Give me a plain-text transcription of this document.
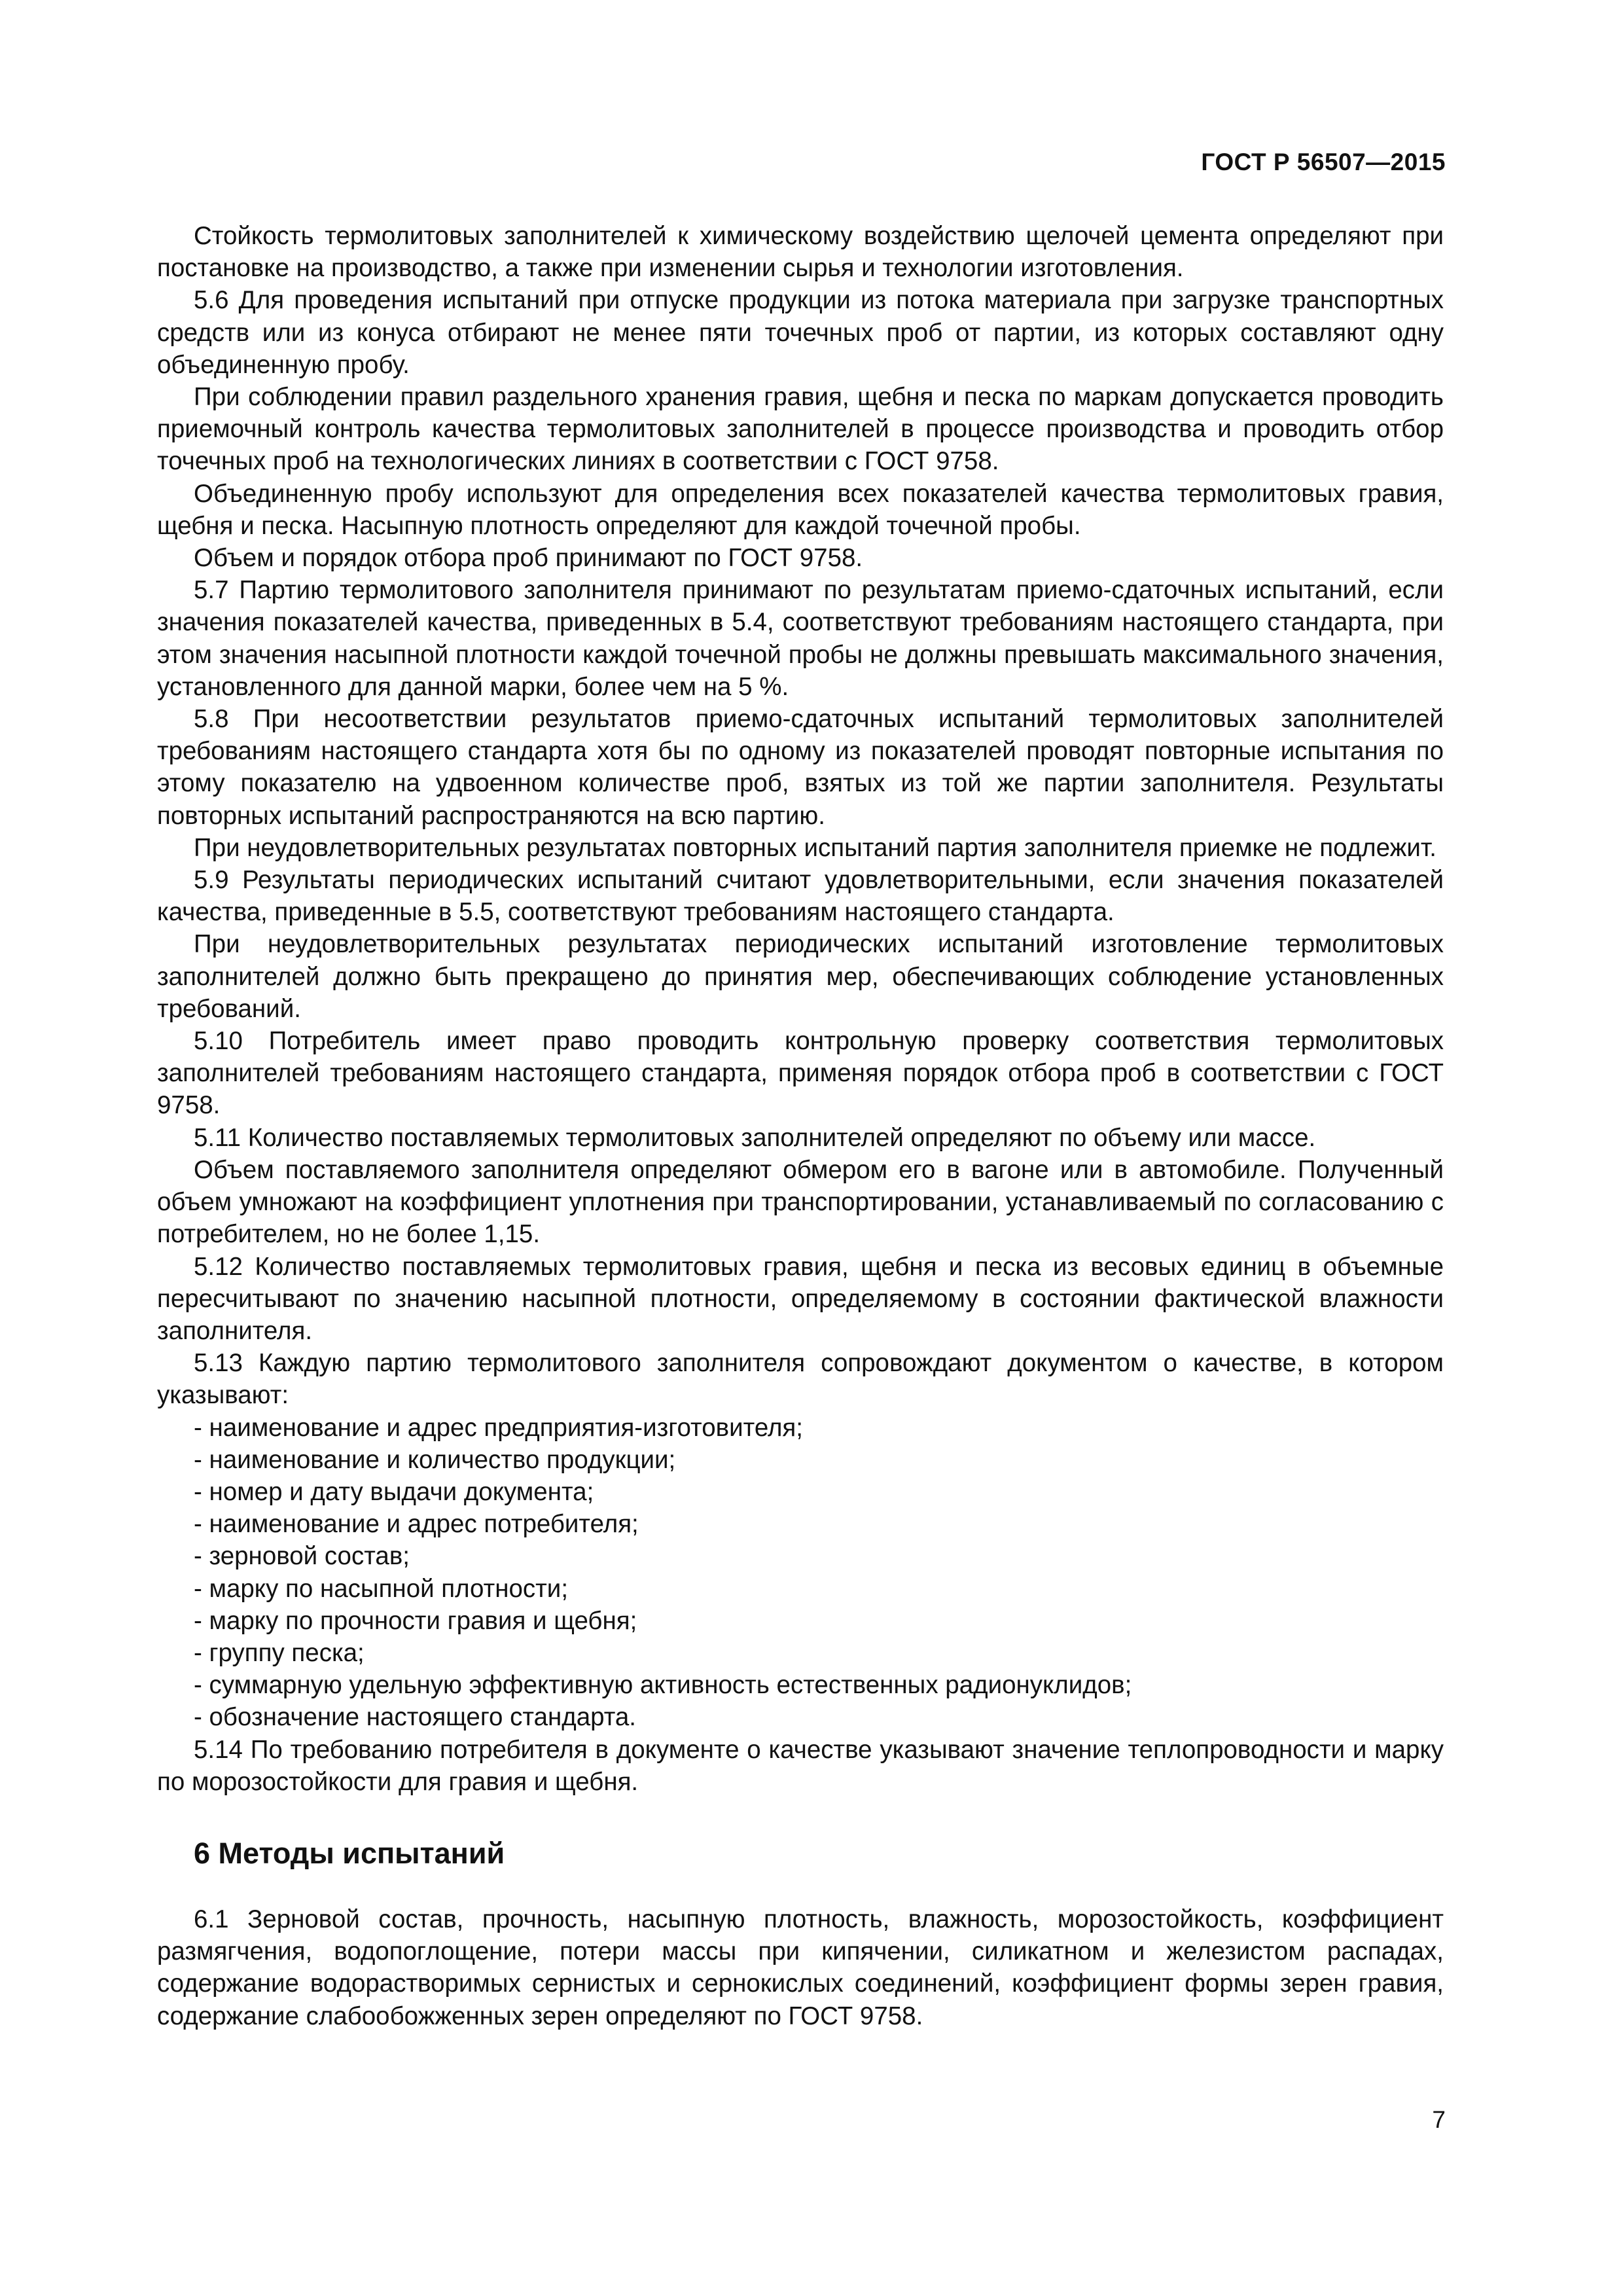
ГОСТ Р 56507—2015

Стойкость термолитовых заполнителей к химическому воздействию щелочей цемента определяют при постановке на производство, а также при изменении сырья и технологии изготовления.

5.6 Для проведения испытаний при отпуске продукции из потока материала при загрузке транспортных средств или из конуса отбирают не менее пяти точечных проб от партии, из которых составляют одну объединенную пробу.

При соблюдении правил раздельного хранения гравия, щебня и песка по маркам допускается проводить приемочный контроль качества термолитовых заполнителей в процессе производства и проводить отбор точечных проб на технологических линиях в соответствии с ГОСТ 9758.

Объединенную пробу используют для определения всех показателей качества термолитовых гравия, щебня и песка. Насыпную плотность определяют для каждой точечной пробы.

Объем и порядок отбора проб принимают по ГОСТ 9758.

5.7 Партию термолитового заполнителя принимают по результатам приемо-сдаточных испытаний, если значения показателей качества, приведенных в 5.4, соответствуют требованиям настоящего стандарта, при этом значения насыпной плотности каждой точечной пробы не должны превышать максимального значения, установленного для данной марки, более чем на 5 %.

5.8 При несоответствии результатов приемо-сдаточных испытаний термолитовых заполнителей требованиям настоящего стандарта хотя бы по одному из показателей проводят повторные испытания по этому показателю на удвоенном количестве проб, взятых из той же партии заполнителя. Результаты повторных испытаний распространяются на всю партию.

При неудовлетворительных результатах повторных испытаний партия заполнителя приемке не подлежит.

5.9 Результаты периодических испытаний считают удовлетворительными, если значения показателей качества, приведенные в 5.5, соответствуют требованиям настоящего стандарта.

При неудовлетворительных результатах периодических испытаний изготовление термолитовых заполнителей должно быть прекращено до принятия мер, обеспечивающих соблюдение установленных требований.

5.10 Потребитель имеет право проводить контрольную проверку соответствия термолитовых заполнителей требованиям настоящего стандарта, применяя порядок отбора проб в соответствии с ГОСТ 9758.

5.11 Количество поставляемых термолитовых заполнителей определяют по объему или массе.

Объем поставляемого заполнителя определяют обмером его в вагоне или в автомобиле. Полученный объем умножают на коэффициент уплотнения при транспортировании, устанавливаемый по согласованию с потребителем, но не более 1,15.

5.12 Количество поставляемых термолитовых гравия, щебня и песка из весовых единиц в объемные пересчитывают по значению насыпной плотности, определяемому в состоянии фактической влажности заполнителя.

5.13 Каждую партию термолитового заполнителя сопровождают документом о качестве, в котором указывают:

- наименование и адрес предприятия-изготовителя;
- наименование и количество продукции;
- номер и дату выдачи документа;
- наименование и адрес потребителя;
- зерновой состав;
- марку по насыпной плотности;
- марку по прочности гравия и щебня;
- группу песка;
- суммарную удельную эффективную активность естественных радионуклидов;
- обозначение настоящего стандарта.

5.14 По требованию потребителя в документе о качестве указывают значение теплопроводности и марку по морозостойкости для гравия и щебня.

6 Методы испытаний

6.1 Зерновой состав, прочность, насыпную плотность, влажность, морозостойкость, коэффициент размягчения, водопоглощение, потери массы при кипячении, силикатном и железистом распадах, содержание водорастворимых сернистых и сернокислых соединений, коэффициент формы зерен гравия, содержание слабообожженных зерен определяют по ГОСТ 9758.

7
